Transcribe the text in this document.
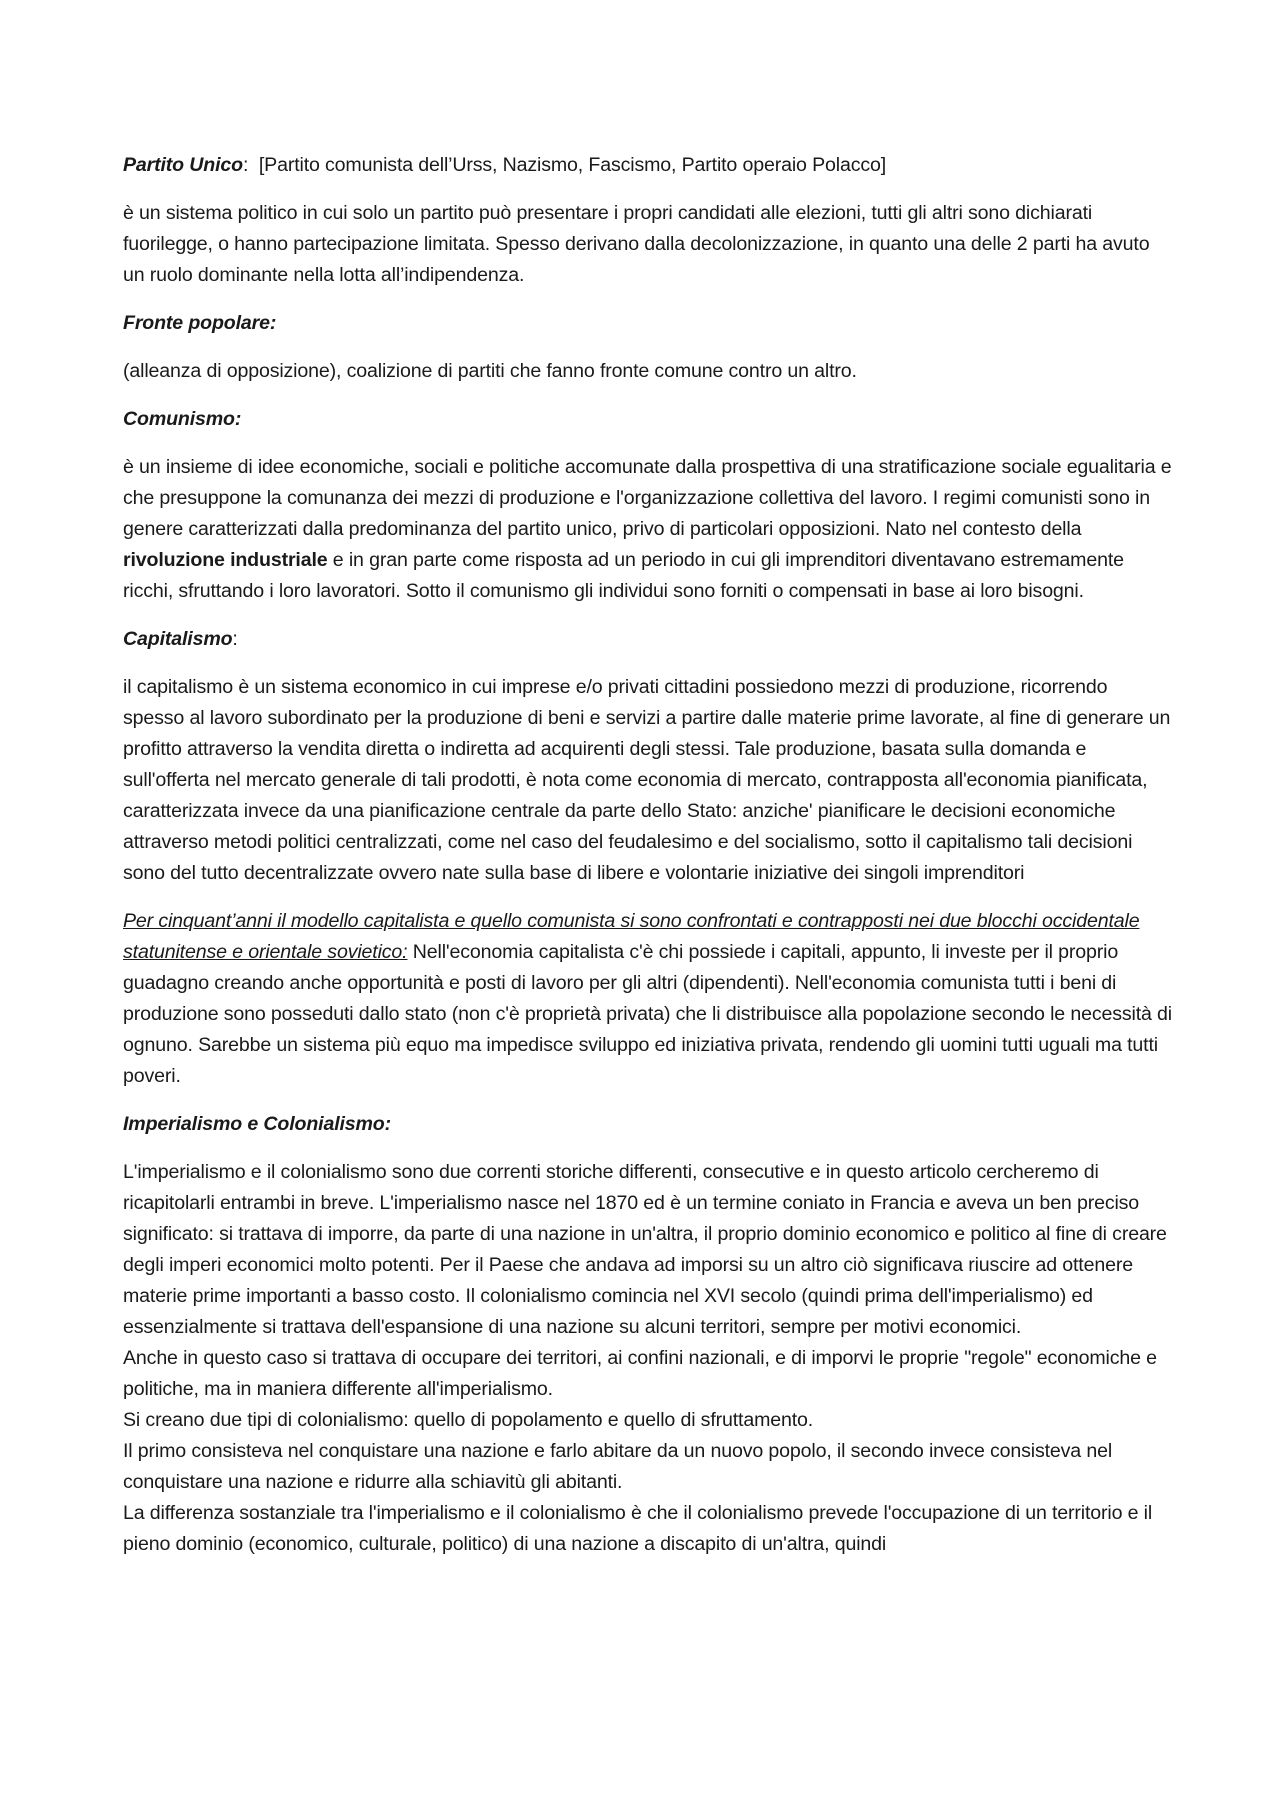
Partito Unico:  [Partito comunista dell’Urss, Nazismo, Fascismo, Partito operaio Polacco]

è un sistema politico in cui solo un partito può presentare i propri candidati alle elezioni, tutti gli altri sono dichiarati fuorilegge, o hanno partecipazione limitata. Spesso derivano dalla decolonizzazione, in quanto una delle 2 parti ha avuto un ruolo dominante nella lotta all’indipendenza.

Fronte popolare:

(alleanza di opposizione), coalizione di partiti che fanno fronte comune contro un altro.

Comunismo:

è un insieme di idee economiche, sociali e politiche accomunate dalla prospettiva di una stratificazione sociale egualitaria e che presuppone la comunanza dei mezzi di produzione e l'organizzazione collettiva del lavoro. I regimi comunisti sono in genere caratterizzati dalla predominanza del partito unico, privo di particolari opposizioni. Nato nel contesto della rivoluzione industriale e in gran parte come risposta ad un periodo in cui gli imprenditori diventavano estremamente ricchi, sfruttando i loro lavoratori. Sotto il comunismo gli individui sono forniti o compensati in base ai loro bisogni.

Capitalismo:

il capitalismo è un sistema economico in cui imprese e/o privati cittadini possiedono mezzi di produzione, ricorrendo spesso al lavoro subordinato per la produzione di beni e servizi a partire dalle materie prime lavorate, al fine di generare un profitto attraverso la vendita diretta o indiretta ad acquirenti degli stessi. Tale produzione, basata sulla domanda e sull'offerta nel mercato generale di tali prodotti, è nota come economia di mercato, contrapposta all'economia pianificata, caratterizzata invece da una pianificazione centrale da parte dello Stato: anziche' pianificare le decisioni economiche attraverso metodi politici centralizzati, come nel caso del feudalesimo e del socialismo, sotto il capitalismo tali decisioni sono del tutto decentralizzate ovvero nate sulla base di libere e volontarie iniziative dei singoli imprenditori

Per cinquant’anni il modello capitalista e quello comunista si sono confrontati e contrapposti nei due blocchi occidentale statunitense e orientale sovietico: Nell'economia capitalista c'è chi possiede i capitali, appunto, li investe per il proprio guadagno creando anche opportunità e posti di lavoro per gli altri (dipendenti). Nell'economia comunista tutti i beni di produzione sono posseduti dallo stato (non c'è proprietà privata) che li distribuisce alla popolazione secondo le necessità di ognuno. Sarebbe un sistema più equo ma impedisce sviluppo ed iniziativa privata, rendendo gli uomini tutti uguali ma tutti poveri.

Imperialismo e Colonialismo:

L'imperialismo e il colonialismo sono due correnti storiche differenti, consecutive e in questo articolo cercheremo di ricapitolarli entrambi in breve. L'imperialismo nasce nel 1870 ed è un termine coniato in Francia e aveva un ben preciso significato: si trattava di imporre, da parte di una nazione in un'altra, il proprio dominio economico e politico al fine di creare degli imperi economici molto potenti. Per il Paese che andava ad imporsi su un altro ciò significava riuscire ad ottenere materie prime importanti a basso costo. Il colonialismo comincia nel XVI secolo (quindi prima dell'imperialismo) ed essenzialmente si trattava dell'espansione di una nazione su alcuni territori, sempre per motivi economici.

Anche in questo caso si trattava di occupare dei territori, ai confini nazionali, e di imporvi le proprie "regole" economiche e politiche, ma in maniera differente all'imperialismo.

Si creano due tipi di colonialismo: quello di popolamento e quello di sfruttamento.

Il primo consisteva nel conquistare una nazione e farlo abitare da un nuovo popolo, il secondo invece consisteva nel conquistare una nazione e ridurre alla schiavitù gli abitanti.

La differenza sostanziale tra l'imperialismo e il colonialismo è che il colonialismo prevede l'occupazione di un territorio e il pieno dominio (economico, culturale, politico) di una nazione a discapito di un'altra, quindi
